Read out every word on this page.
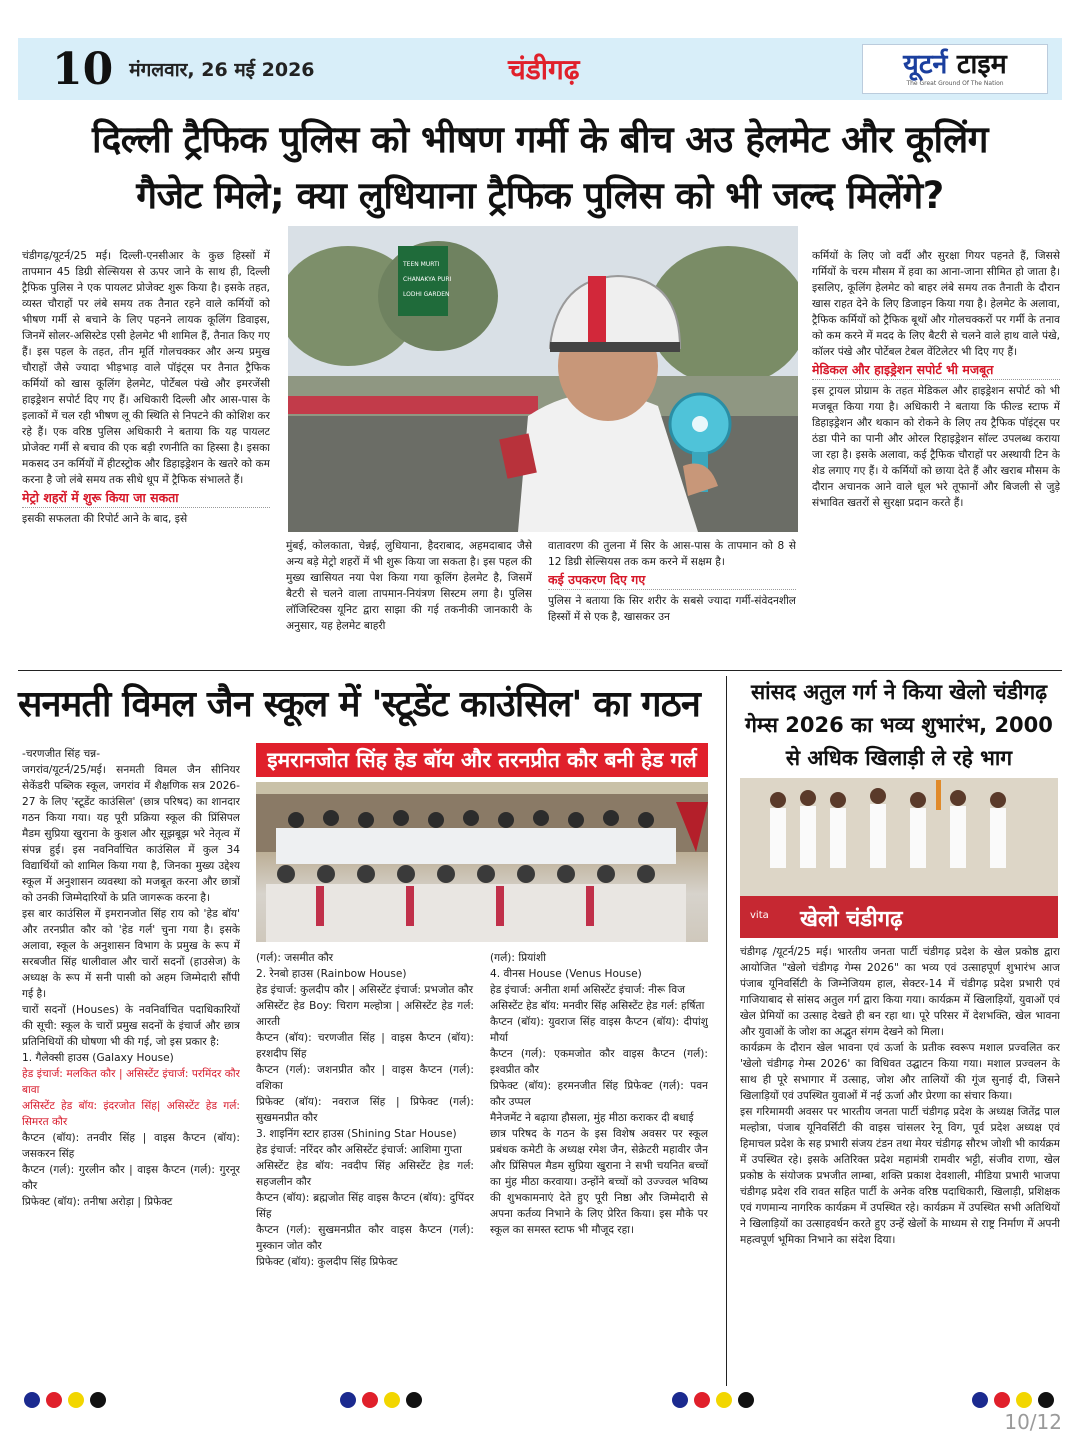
10 मंगलवार, 26 मई 2026	चंडीगढ़	यूटर्न टाइम
The Great Ground Of The Nation
दिल्ली ट्रैफिक पुलिस को भीषण गर्मी के बीच अउ हेलमेट और कूलिंग
गैजेट मिले; क्या लुधियाना ट्रैफिक पुलिस को भी जल्द मिलेंगे?
चंडीगढ़/यूटर्न/25 मई। दिल्ली-एनसीआर के कुछ हिस्सों में तापमान 45 डिग्री सेल्सियस से ऊपर जाने के साथ ही, दिल्ली ट्रैफिक पुलिस ने एक पायलट प्रोजेक्ट शुरू किया है। इसके तहत, व्यस्त चौराहों पर लंबे समय तक तैनात रहने वाले कर्मियों को भीषण गर्मी से बचाने के लिए पहनने लायक कूलिंग डिवाइस, जिनमें सोलर-असिस्टेड एसी हेलमेट भी शामिल हैं, तैनात किए गए हैं। इस पहल के तहत, तीन मूर्ति गोलचक्कर और अन्य प्रमुख चौराहों जैसे ज्यादा भीड़भाड़ वाले पॉइंट्स पर तैनात ट्रैफिक कर्मियों को खास कूलिंग हेलमेट, पोर्टेबल पंखे और इमरजेंसी हाइड्रेशन सपोर्ट दिए गए हैं। अधिकारी दिल्ली और आस-पास के इलाकों में चल रही भीषण लू की स्थिति से निपटने की कोशिश कर रहे हैं। एक वरिष्ठ पुलिस अधिकारी ने बताया कि यह पायलट प्रोजेक्ट गर्मी से बचाव की एक बड़ी रणनीति का हिस्सा है। इसका मकसद उन कर्मियों में हीटस्ट्रोक और डिहाइड्रेशन के खतरे को कम करना है जो लंबे समय तक सीधे धूप में ट्रैफिक संभालते हैं।
मेट्रो शहरों में शुरू किया जा सकता
इसकी सफलता की रिपोर्ट आने के बाद, इसे
TEEN MURTI
CHANAKYA PURI
LODHI GARDEN
मुंबई, कोलकाता, चेन्नई, लुधियाना, हैदराबाद, अहमदाबाद जैसे अन्य बड़े मेट्रो शहरों में भी शुरू किया जा सकता है। इस पहल की मुख्य खासियत नया पेश किया गया कूलिंग हेलमेट है, जिसमें बैटरी से चलने वाला तापमान-नियंत्रण सिस्टम लगा है। पुलिस लॉजिस्टिक्स यूनिट द्वारा साझा की गई तकनीकी जानकारी के अनुसार, यह हेलमेट बाहरी
वातावरण की तुलना में सिर के आस-पास के तापमान को 8 से 12 डिग्री सेल्सियस तक कम करने में सक्षम है।
कई उपकरण दिए गए
पुलिस ने बताया कि सिर शरीर के सबसे ज्यादा गर्मी-संवेदनशील हिस्सों में से एक है, खासकर उन
कर्मियों के लिए जो वर्दी और सुरक्षा गियर पहनते हैं, जिससे गर्मियों के चरम मौसम में हवा का आना-जाना सीमित हो जाता है। इसलिए, कूलिंग हेलमेट को बाहर लंबे समय तक तैनाती के दौरान खास राहत देने के लिए डिजाइन किया गया है। हेलमेट के अलावा, ट्रैफिक कर्मियों को ट्रैफिक बूथों और गोलचक्करों पर गर्मी के तनाव को कम करने में मदद के लिए बैटरी से चलने वाले हाथ वाले पंखे, कॉलर पंखे और पोर्टेबल टेबल वेंटिलेटर भी दिए गए हैं।
मेडिकल और हाइड्रेशन सपोर्ट भी मजबूत
इस ट्रायल प्रोग्राम के तहत मेडिकल और हाइड्रेशन सपोर्ट को भी मजबूत किया गया है। अधिकारी ने बताया कि फील्ड स्टाफ में डिहाइड्रेशन और थकान को रोकने के लिए तय ट्रैफिक पॉइंट्स पर ठंडा पीने का पानी और ओरल रिहाइड्रेशन सॉल्ट उपलब्ध कराया जा रहा है। इसके अलावा, कई ट्रैफिक चौराहों पर अस्थायी टिन के शेड लगाए गए हैं। ये कर्मियों को छाया देते हैं और खराब मौसम के दौरान अचानक आने वाले धूल भरे तूफानों और बिजली से जुड़े संभावित खतरों से सुरक्षा प्रदान करते हैं।
सनमती विमल जैन स्कूल में 'स्टूडेंट काउंसिल' का गठन
इमरानजोत सिंह हेड बॉय और तरनप्रीत कौर बनी हेड गर्ल
-चरणजीत सिंह चन्न-
जगरांव/यूटर्न/25/मई। सनमती विमल जैन सीनियर सेकेंडरी पब्लिक स्कूल, जगरांव में शैक्षणिक सत्र 2026-27 के लिए 'स्टूडेंट काउंसिल' (छात्र परिषद) का शानदार गठन किया गया। यह पूरी प्रक्रिया स्कूल की प्रिंसिपल मैडम सुप्रिया खुराना के कुशल और सूझबूझ भरे नेतृत्व में संपन्न हुई। इस नवनिर्वाचित काउंसिल में कुल 34 विद्यार्थियों को शामिल किया गया है, जिनका मुख्य उद्देश्य स्कूल में अनुशासन व्यवस्था को मजबूत करना और छात्रों को उनकी जिम्मेदारियों के प्रति जागरूक करना है।
इस बार काउंसिल में इमरानजोत सिंह राय को 'हेड बॉय' और तरनप्रीत कौर को 'हेड गर्ल' चुना गया है। इसके अलावा, स्कूल के अनुशासन विभाग के प्रमुख के रूप में सरबजीत सिंह धालीवाल और चारों सदनों (हाउसेज) के अध्यक्ष के रूप में सनी पासी को अहम जिम्मेदारी सौंपी गई है।
चारों सदनों (Houses) के नवनिर्वाचित पदाधिकारियों की सूची: स्कूल के चारों प्रमुख सदनों के इंचार्ज और छात्र प्रतिनिधियों की घोषणा भी की गई, जो इस प्रकार है:
1. गैलेक्सी हाउस (Galaxy House)
हेड इंचार्ज: मलकित कौर | असिस्टेंट इंचार्ज: परमिंदर कौर बावा
असिस्टेंट हेड बॉय: इंदरजोत सिंह| असिस्टेंट हेड गर्ल: सिमरत कौर
कैप्टन (बॉय): तनवीर सिंह | वाइस कैप्टन (बॉय): जसकरन सिंह
कैप्टन (गर्ल): गुरलीन कौर | वाइस कैप्टन (गर्ल): गुरनूर कौर
प्रिफेक्ट (बॉय): तनीषा अरोड़ा | प्रिफेक्ट
(गर्ल): जसमीत कौर
2. रेनबो हाउस (Rainbow House)
हेड इंचार्ज: कुलदीप कौर | असिस्टेंट इंचार्ज: प्रभजोत कौर
असिस्टेंट हेड Boy: चिराग मल्होत्रा | असिस्टेंट हेड गर्ल: आरती
कैप्टन (बॉय): चरणजीत सिंह | वाइस कैप्टन (बॉय): हरशदीप सिंह
कैप्टन (गर्ल): जशनप्रीत कौर | वाइस कैप्टन (गर्ल): वशिका
प्रिफेक्ट (बॉय): नवराज सिंह | प्रिफेक्ट (गर्ल): सुखमनप्रीत कौर
3. शाइनिंग स्टार हाउस (Shining Star House)
हेड इंचार्ज: नरिंदर कौर असिस्टेंट इंचार्ज: आशिमा गुप्ता
असिस्टेंट हेड बॉय: नवदीप सिंह असिस्टेंट हेड गर्ल: सहजलीन कौर
कैप्टन (बॉय): ब्रह्मजोत सिंह वाइस कैप्टन (बॉय): दुपिंदर सिंह
कैप्टन (गर्ल): सुखमनप्रीत कौर वाइस कैप्टन (गर्ल): मुस्कान जोत कौर
प्रिफेक्ट (बॉय): कुलदीप सिंह प्रिफेक्ट
(गर्ल): प्रियांशी
4. वीनस House (Venus House)
हेड इंचार्ज: अनीता शर्मा असिस्टेंट इंचार्ज: नीरू विज
असिस्टेंट हेड बॉय: मनवीर सिंह असिस्टेंट हेड गर्ल: हर्षिता
कैप्टन (बॉय): युवराज सिंह वाइस कैप्टन (बॉय): दीपांशु मौर्या
कैप्टन (गर्ल): एकमजोत कौर वाइस कैप्टन (गर्ल): इश्वप्रीत कौर
प्रिफेक्ट (बॉय): हरमनजीत सिंह प्रिफेक्ट (गर्ल): पवन कौर उप्पल
मैनेजमेंट ने बढ़ाया हौसला, मुंह मीठा कराकर दी बधाई
छात्र परिषद के गठन के इस विशेष अवसर पर स्कूल प्रबंधक कमेटी के अध्यक्ष रमेश जैन, सेक्रेटरी महावीर जैन और प्रिंसिपल मैडम सुप्रिया खुराना ने सभी चयनित बच्चों का मुंह मीठा करवाया। उन्होंने बच्चों को उज्ज्वल भविष्य की शुभकामनाएं देते हुए पूरी निष्ठा और जिम्मेदारी से अपना कर्तव्य निभाने के लिए प्रेरित किया। इस मौके पर स्कूल का समस्त स्टाफ भी मौजूद रहा।
सांसद अतुल गर्ग ने किया खेलो चंडीगढ़ गेम्स 2026 का भव्य शुभारंभ, 2000 से अधिक खिलाड़ी ले रहे भाग
vita खेलो चंडीगढ़
चंडीगढ़ /यूटर्न/25 मई। भारतीय जनता पार्टी चंडीगढ़ प्रदेश के खेल प्रकोष्ठ द्वारा आयोजित "खेलो चंडीगढ़ गेम्स 2026" का भव्य एवं उत्साहपूर्ण शुभारंभ आज पंजाब यूनिवर्सिटी के जिम्नेजियम हाल, सेक्टर-14 में चंडीगढ़ प्रदेश प्रभारी एवं गाजियाबाद से सांसद अतुल गर्ग द्वारा किया गया। कार्यक्रम में खिलाड़ियों, युवाओं एवं खेल प्रेमियों का उत्साह देखते ही बन रहा था। पूरे परिसर में देशभक्ति, खेल भावना और युवाओं के जोश का अद्भुत संगम देखने को मिला।
कार्यक्रम के दौरान खेल भावना एवं ऊर्जा के प्रतीक स्वरूप मशाल प्रज्वलित कर 'खेलो चंडीगढ़ गेम्स 2026' का विधिवत उद्घाटन किया गया। मशाल प्रज्वलन के साथ ही पूरे सभागार में उत्साह, जोश और तालियों की गूंज सुनाई दी, जिसने खिलाड़ियों एवं उपस्थित युवाओं में नई ऊर्जा और प्रेरणा का संचार किया।
इस गरिमामयी अवसर पर भारतीय जनता पार्टी चंडीगढ़ प्रदेश के अध्यक्ष जितेंद्र पाल मल्होत्रा, पंजाब यूनिवर्सिटी की वाइस चांसलर रेनू विग, पूर्व प्रदेश अध्यक्ष एवं हिमाचल प्रदेश के सह प्रभारी संजय टंडन तथा मेयर चंडीगढ़ सौरभ जोशी भी कार्यक्रम में उपस्थित रहे। इसके अतिरिक्त प्रदेश महामंत्री रामवीर भट्टी, संजीव राणा, खेल प्रकोष्ठ के संयोजक प्रभजीत लाम्बा, शक्ति प्रकाश देवशाली, मीडिया प्रभारी भाजपा चंडीगढ़ प्रदेश रवि रावत सहित पार्टी के अनेक वरिष्ठ पदाधिकारी, खिलाड़ी, प्रशिक्षक एवं गणमान्य नागरिक कार्यक्रम में उपस्थित रहे। कार्यक्रम में उपस्थित सभी अतिथियों ने खिलाड़ियों का उत्साहवर्धन करते हुए उन्हें खेलों के माध्यम से राष्ट्र निर्माण में अपनी महत्वपूर्ण भूमिका निभाने का संदेश दिया।
10/12
